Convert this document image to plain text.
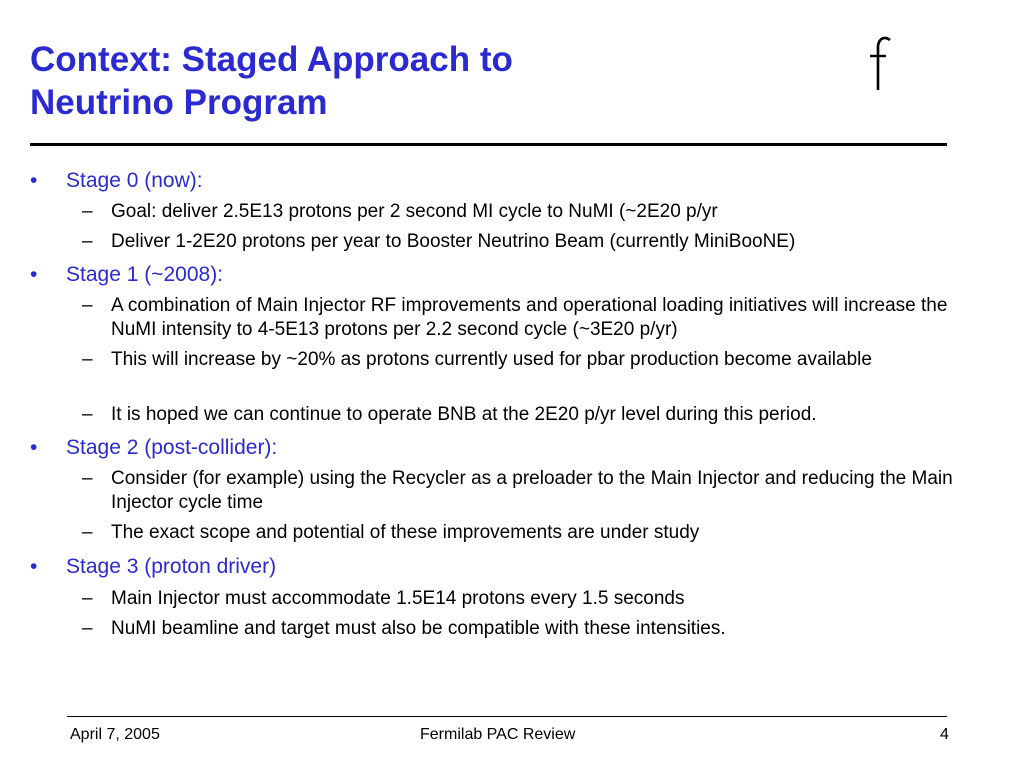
Context: Staged Approach to
Neutrino Program
• Stage 0 (now):
– Goal: deliver 2.5E13 protons per 2 second MI cycle to NuMI (~2E20 p/yr
– Deliver 1-2E20 protons per year to Booster Neutrino Beam (currently MiniBooNE)
• Stage 1 (~2008):
– A combination of Main Injector RF improvements and operational loading initiatives will increase the NuMI intensity to 4-5E13 protons per 2.2 second cycle (~3E20 p/yr)
– This will increase by ~20% as protons currently used for pbar production become available
– It is hoped we can continue to operate BNB at the 2E20 p/yr level during this period.
• Stage 2 (post-collider):
– Consider (for example) using the Recycler as a preloader to the Main Injector and reducing the Main Injector cycle time
– The exact scope and potential of these improvements are under study
• Stage 3 (proton driver)
– Main Injector must accommodate 1.5E14 protons every 1.5 seconds
– NuMI beamline and target must also be compatible with these intensities.
April 7, 2005	Fermilab PAC Review	4
